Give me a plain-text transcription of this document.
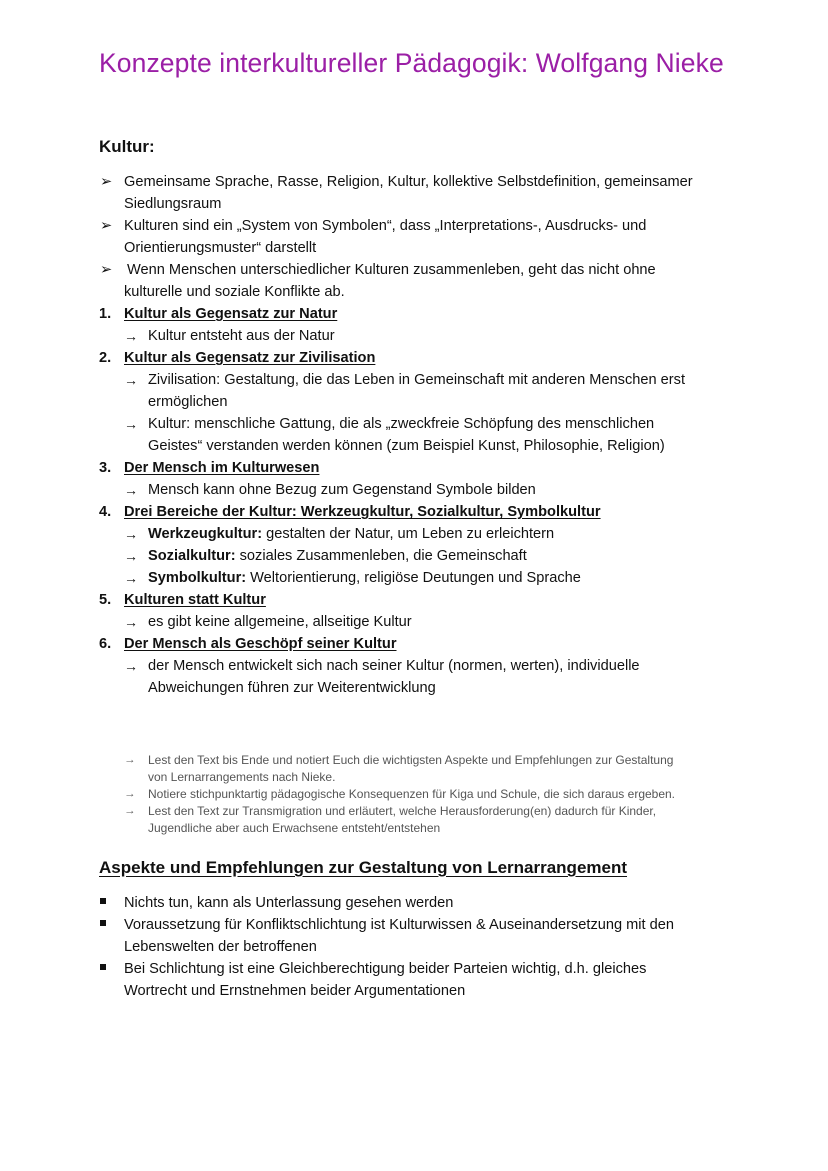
Konzepte interkultureller Pädagogik: Wolfgang Nieke
Kultur:
➢ Gemeinsame Sprache, Rasse, Religion, Kultur, kollektive Selbstdefinition, gemeinsamer
Siedlungsraum
➢ Kulturen sind ein „System von Symbolen“, dass „Interpretations-, Ausdrucks- und
Orientierungsmuster“ darstellt
➢ Wenn Menschen unterschiedlicher Kulturen zusammenleben, geht das nicht ohne
kulturelle und soziale Konflikte ab.
1. Kultur als Gegensatz zur Natur
→ Kultur entsteht aus der Natur
2. Kultur als Gegensatz zur Zivilisation
→ Zivilisation: Gestaltung, die das Leben in Gemeinschaft mit anderen Menschen erst
ermöglichen
→ Kultur: menschliche Gattung, die als „zweckfreie Schöpfung des menschlichen
Geistes“ verstanden werden können (zum Beispiel Kunst, Philosophie, Religion)
3. Der Mensch im Kulturwesen
→ Mensch kann ohne Bezug zum Gegenstand Symbole bilden
4. Drei Bereiche der Kultur: Werkzeugkultur, Sozialkultur, Symbolkultur
→ Werkzeugkultur: gestalten der Natur, um Leben zu erleichtern
→ Sozialkultur: soziales Zusammenleben, die Gemeinschaft
→ Symbolkultur: Weltorientierung, religiöse Deutungen und Sprache
5. Kulturen statt Kultur
→ es gibt keine allgemeine, allseitige Kultur
6. Der Mensch als Geschöpf seiner Kultur
→ der Mensch entwickelt sich nach seiner Kultur (normen, werten), individuelle
Abweichungen führen zur Weiterentwicklung
→ Lest den Text bis Ende und notiert Euch die wichtigsten Aspekte und Empfehlungen zur Gestaltung
von Lernarrangements nach Nieke.
→ Notiere stichpunktartig pädagogische Konsequenzen für Kiga und Schule, die sich daraus ergeben.
→ Lest den Text zur Transmigration und erläutert, welche Herausforderung(en) dadurch für Kinder,
Jugendliche aber auch Erwachsene entsteht/entstehen
Aspekte und Empfehlungen zur Gestaltung von Lernarrangement
Nichts tun, kann als Unterlassung gesehen werden
Voraussetzung für Konfliktschlichtung ist Kulturwissen & Auseinandersetzung mit den
Lebenswelten der betroffenen
Bei Schlichtung ist eine Gleichberechtigung beider Parteien wichtig, d.h. gleiches
Wortrecht und Ernstnehmen beider Argumentationen
